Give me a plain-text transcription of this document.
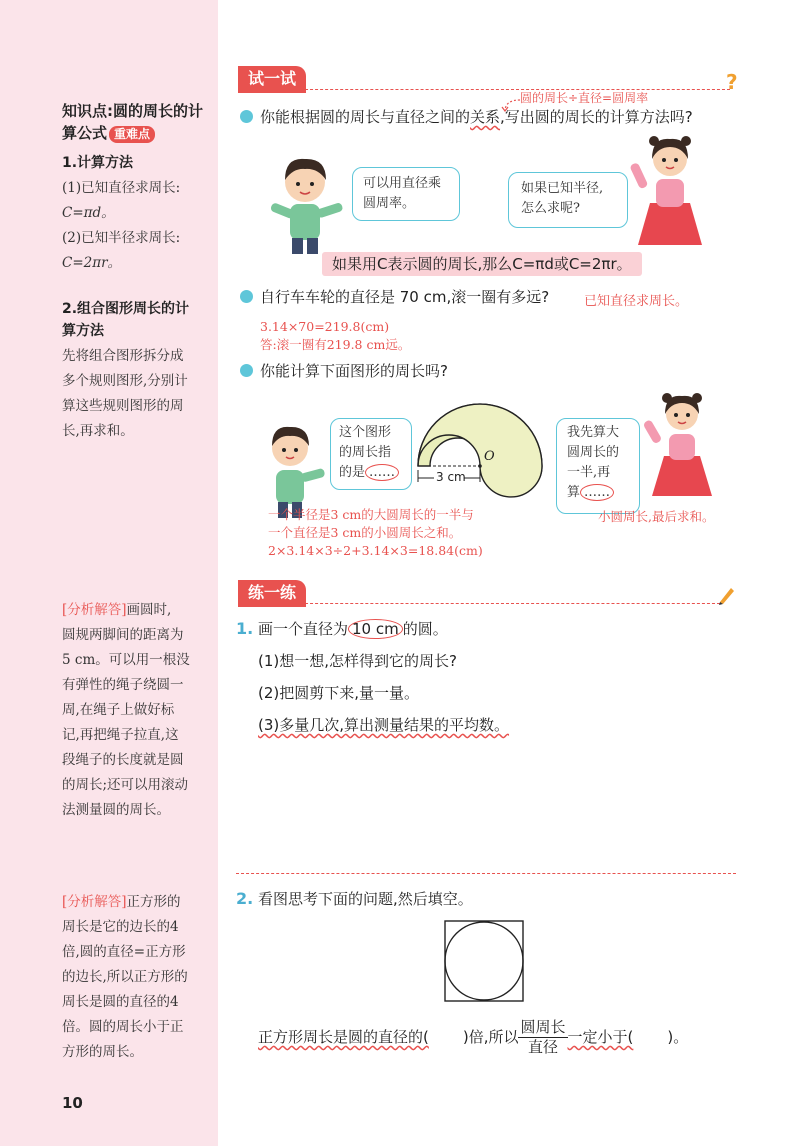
知识点:圆的周长的计
算公式 重难点
1.计算方法
(1)已知直径求周长:
C=πd。
(2)已知半径求周长:
C=2πr。
2.组合图形周长的计
算方法
先将组合图形拆分成
多个规则图形,分别计
算这些规则图形的周
长,再求和。
[分析解答]画圆时,
圆规两脚间的距离为
5 cm。可以用一根没
有弹性的绳子绕圆一
周,在绳子上做好标
记,再把绳子拉直,这
段绳子的长度就是圆
的周长;还可以用滚动
法测量圆的周长。
[分析解答]正方形的
周长是它的边长的4
倍,圆的直径=正方形
的边长,所以正方形的
周长是圆的直径的4
倍。圆的周长小于正
方形的周长。
10
试一试	?
圆的周长÷直径=圆周率
你能根据圆的周长与直径之间的关系,写出圆的周长的计算方法吗?
可以用直径乘
圆周率。
如果已知半径,
怎么求呢?
如果用C表示圆的周长,那么C=πd或C=2πr。
自行车车轮的直径是 70 cm,滚一圈有多远?	已知直径求周长。
3.14×70=219.8(cm)
答:滚一圈有219.8 cm远。
你能计算下面图形的周长吗?
这个图形
的周长指
的是 ……	3 cm
O
我先算大
圆周长的
一半,再
算 ……
一个半径是3 cm的大圆周长的一半与
一个直径是3 cm的小圆周长之和。
2×3.14×3÷2+3.14×3=18.84(cm)
小圆周长,最后求和。
练一练
1. 画一个直径为 10 cm 的圆。
(1)想一想,怎样得到它的周长?
(2)把圆剪下来,量一量。
(3)多量几次,算出测量结果的平均数。
2. 看图思考下面的问题,然后填空。
正方形周长是圆的直径的( )倍,所以 $\frac{\text{圆周长}}{\text{直径}}$ 一定小于( )。
